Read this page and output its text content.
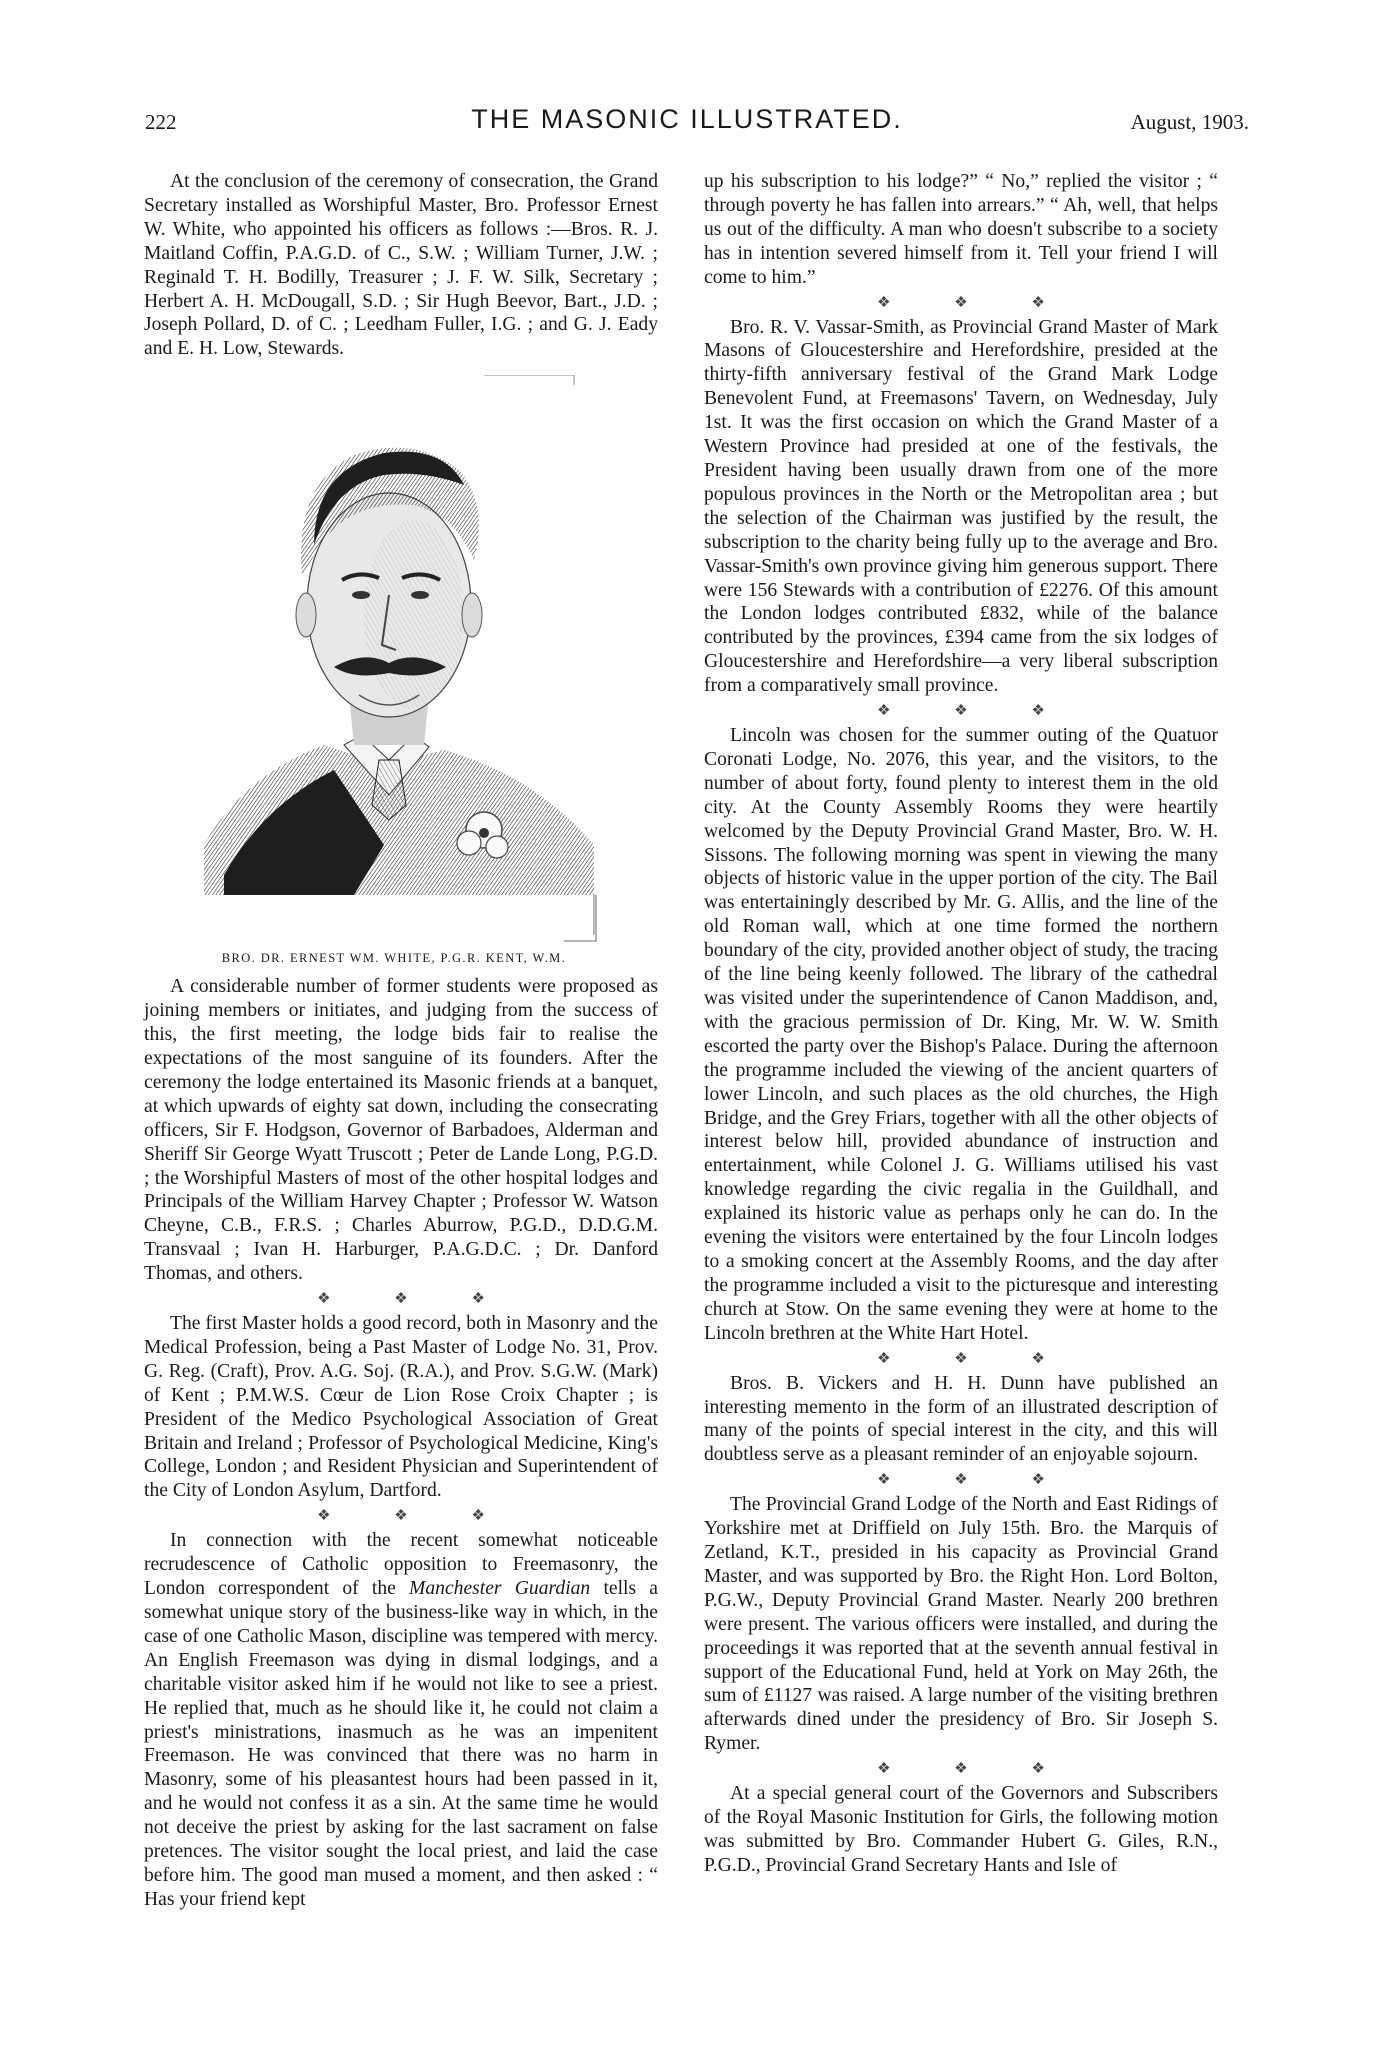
222	THE MASONIC ILLUSTRATED.	August, 1903.

At the conclusion of the ceremony of consecration, the Grand Secretary installed as Worshipful Master, Bro. Professor Ernest W. White, who appointed his officers as follows :—Bros. R. J. Maitland Coffin, P.A.G.D. of C., S.W. ; William Turner, J.W. ; Reginald T. H. Bodilly, Treasurer ; J. F. W. Silk, Secretary ; Herbert A. H. McDougall, S.D. ; Sir Hugh Beevor, Bart., J.D. ; Joseph Pollard, D. of C. ; Leedham Fuller, I.G. ; and G. J. Eady and E. H. Low, Stewards.

BRO. DR. ERNEST WM. WHITE, P.G.R. KENT, W.M.

A considerable number of former students were proposed as joining members or initiates, and judging from the success of this, the first meeting, the lodge bids fair to realise the expectations of the most sanguine of its founders. After the ceremony the lodge entertained its Masonic friends at a banquet, at which upwards of eighty sat down, including the consecrating officers, Sir F. Hodgson, Governor of Barbadoes, Alderman and Sheriff Sir George Wyatt Truscott ; Peter de Lande Long, P.G.D. ; the Worshipful Masters of most of the other hospital lodges and Principals of the William Harvey Chapter ; Professor W. Watson Cheyne, C.B., F.R.S. ; Charles Aburrow, P.G.D., D.D.G.M. Transvaal ; Ivan H. Harburger, P.A.G.D.C. ; Dr. Danford Thomas, and others.

❖ ❖ ❖

The first Master holds a good record, both in Masonry and the Medical Profession, being a Past Master of Lodge No. 31, Prov. G. Reg. (Craft), Prov. A.G. Soj. (R.A.), and Prov. S.G.W. (Mark) of Kent ; P.M.W.S. Cœur de Lion Rose Croix Chapter ; is President of the Medico Psychological Association of Great Britain and Ireland ; Professor of Psychological Medicine, King's College, London ; and Resident Physician and Superintendent of the City of London Asylum, Dartford.

❖ ❖ ❖

In connection with the recent somewhat noticeable recrudescence of Catholic opposition to Freemasonry, the London correspondent of the Manchester Guardian tells a somewhat unique story of the business-like way in which, in the case of one Catholic Mason, discipline was tempered with mercy. An English Freemason was dying in dismal lodgings, and a charitable visitor asked him if he would not like to see a priest. He replied that, much as he should like it, he could not claim a priest's ministrations, inasmuch as he was an impenitent Freemason. He was convinced that there was no harm in Masonry, some of his pleasantest hours had been passed in it, and he would not confess it as a sin. At the same time he would not deceive the priest by asking for the last sacrament on false pretences. The visitor sought the local priest, and laid the case before him. The good man mused a moment, and then asked : “ Has your friend kept

up his subscription to his lodge?” “ No,” replied the visitor ; “ through poverty he has fallen into arrears.” “ Ah, well, that helps us out of the difficulty. A man who doesn't subscribe to a society has in intention severed himself from it. Tell your friend I will come to him.”

❖ ❖ ❖

Bro. R. V. Vassar-Smith, as Provincial Grand Master of Mark Masons of Gloucestershire and Herefordshire, presided at the thirty-fifth anniversary festival of the Grand Mark Lodge Benevolent Fund, at Freemasons' Tavern, on Wednesday, July 1st. It was the first occasion on which the Grand Master of a Western Province had presided at one of the festivals, the President having been usually drawn from one of the more populous provinces in the North or the Metropolitan area ; but the selection of the Chairman was justified by the result, the subscription to the charity being fully up to the average and Bro. Vassar-Smith's own province giving him generous support. There were 156 Stewards with a contribution of £2276. Of this amount the London lodges contributed £832, while of the balance contributed by the provinces, £394 came from the six lodges of Gloucestershire and Herefordshire—a very liberal subscription from a comparatively small province.

❖ ❖ ❖

Lincoln was chosen for the summer outing of the Quatuor Coronati Lodge, No. 2076, this year, and the visitors, to the number of about forty, found plenty to interest them in the old city. At the County Assembly Rooms they were heartily welcomed by the Deputy Provincial Grand Master, Bro. W. H. Sissons. The following morning was spent in viewing the many objects of historic value in the upper portion of the city. The Bail was entertainingly described by Mr. G. Allis, and the line of the old Roman wall, which at one time formed the northern boundary of the city, provided another object of study, the tracing of the line being keenly followed. The library of the cathedral was visited under the superintendence of Canon Maddison, and, with the gracious permission of Dr. King, Mr. W. W. Smith escorted the party over the Bishop's Palace. During the afternoon the programme included the viewing of the ancient quarters of lower Lincoln, and such places as the old churches, the High Bridge, and the Grey Friars, together with all the other objects of interest below hill, provided abundance of instruction and entertainment, while Colonel J. G. Williams utilised his vast knowledge regarding the civic regalia in the Guildhall, and explained its historic value as perhaps only he can do. In the evening the visitors were entertained by the four Lincoln lodges to a smoking concert at the Assembly Rooms, and the day after the programme included a visit to the picturesque and interesting church at Stow. On the same evening they were at home to the Lincoln brethren at the White Hart Hotel.

❖ ❖ ❖

Bros. B. Vickers and H. H. Dunn have published an interesting memento in the form of an illustrated description of many of the points of special interest in the city, and this will doubtless serve as a pleasant reminder of an enjoyable sojourn.

❖ ❖ ❖

The Provincial Grand Lodge of the North and East Ridings of Yorkshire met at Driffield on July 15th. Bro. the Marquis of Zetland, K.T., presided in his capacity as Provincial Grand Master, and was supported by Bro. the Right Hon. Lord Bolton, P.G.W., Deputy Provincial Grand Master. Nearly 200 brethren were present. The various officers were installed, and during the proceedings it was reported that at the seventh annual festival in support of the Educational Fund, held at York on May 26th, the sum of £1127 was raised. A large number of the visiting brethren afterwards dined under the presidency of Bro. Sir Joseph S. Rymer.

❖ ❖ ❖

At a special general court of the Governors and Subscribers of the Royal Masonic Institution for Girls, the following motion was submitted by Bro. Commander Hubert G. Giles, R.N., P.G.D., Provincial Grand Secretary Hants and Isle of
